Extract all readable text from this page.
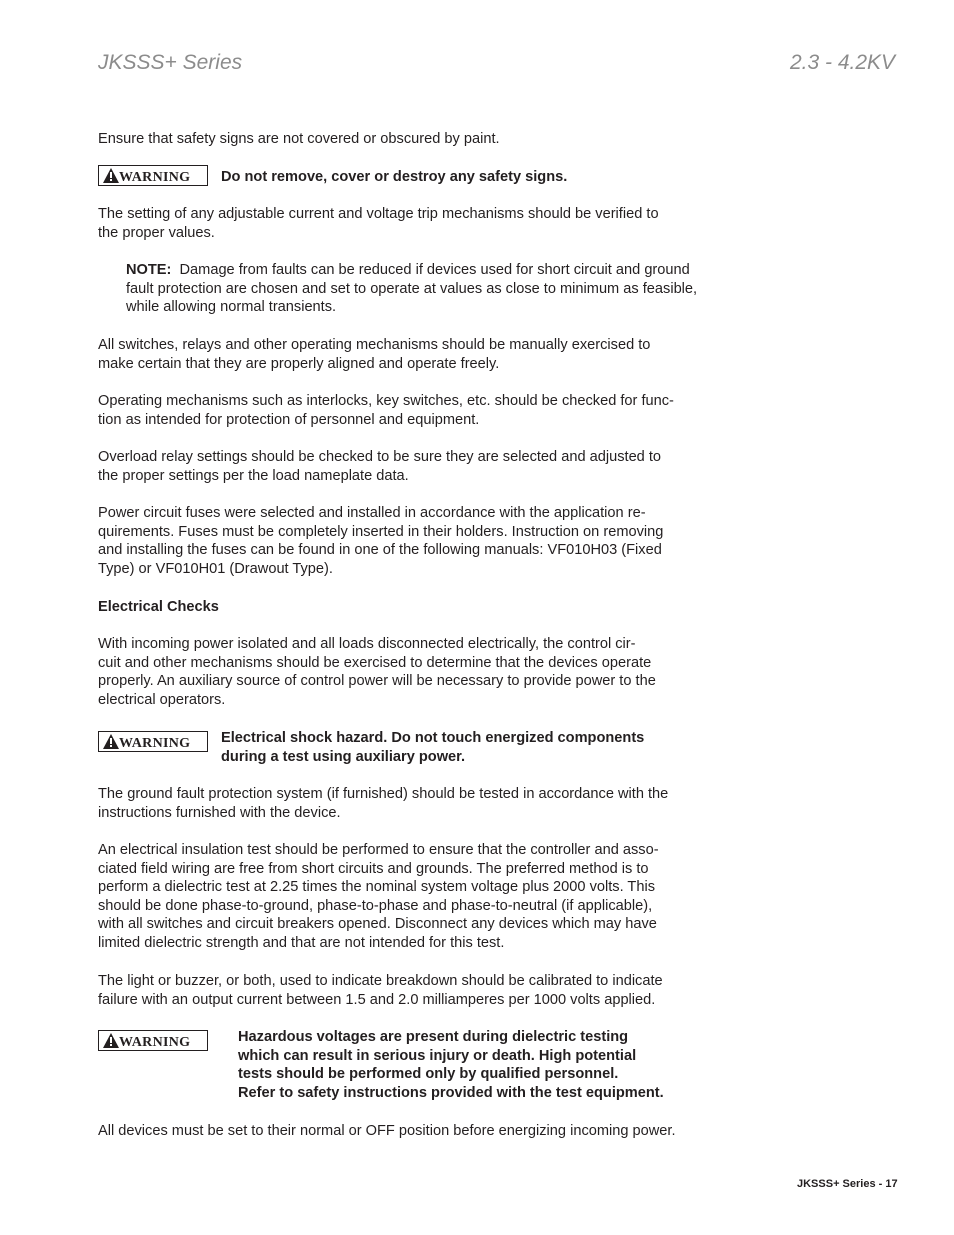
JKSSS+ Series	2.3 - 4.2KV
Ensure that safety signs are not covered or obscured by paint.
WARNING Do not remove, cover or destroy any safety signs.
The setting of any adjustable current and voltage trip mechanisms should be verified to
the proper values.
NOTE: Damage from faults can be reduced if devices used for short circuit and ground
fault protection are chosen and set to operate at values as close to minimum as feasible,
while allowing normal transients.
All switches, relays and other operating mechanisms should be manually exercised to
make certain that they are properly aligned and operate freely.
Operating mechanisms such as interlocks, key switches, etc. should be checked for func-
tion as intended for protection of personnel and equipment.
Overload relay settings should be checked to be sure they are selected and adjusted to
the proper settings per the load nameplate data.
Power circuit fuses were selected and installed in accordance with the application re-
quirements. Fuses must be completely inserted in their holders. Instruction on removing
and installing the fuses can be found in one of the following manuals: VF010H03 (Fixed
Type) or VF010H01 (Drawout Type).
Electrical Checks
With incoming power isolated and all loads disconnected electrically, the control cir-
cuit and other mechanisms should be exercised to determine that the devices operate
properly. An auxiliary source of control power will be necessary to provide power to the
electrical operators.
WARNING Electrical shock hazard. Do not touch energized components
during a test using auxiliary power.
The ground fault protection system (if furnished) should be tested in accordance with the
instructions furnished with the device.
An electrical insulation test should be performed to ensure that the controller and asso-
ciated field wiring are free from short circuits and grounds. The preferred method is to
perform a dielectric test at 2.25 times the nominal system voltage plus 2000 volts. This
should be done phase-to-ground, phase-to-phase and phase-to-neutral (if applicable),
with all switches and circuit breakers opened. Disconnect any devices which may have
limited dielectric strength and that are not intended for this test.
The light or buzzer, or both, used to indicate breakdown should be calibrated to indicate
failure with an output current between 1.5 and 2.0 milliamperes per 1000 volts applied.
WARNING	Hazardous voltages are present during dielectric testing
which can result in serious injury or death. High potential
tests should be performed only by qualified personnel.
Refer to safety instructions provided with the test equipment.
All devices must be set to their normal or OFF position before energizing incoming power.
JKSSS+ Series - 17
